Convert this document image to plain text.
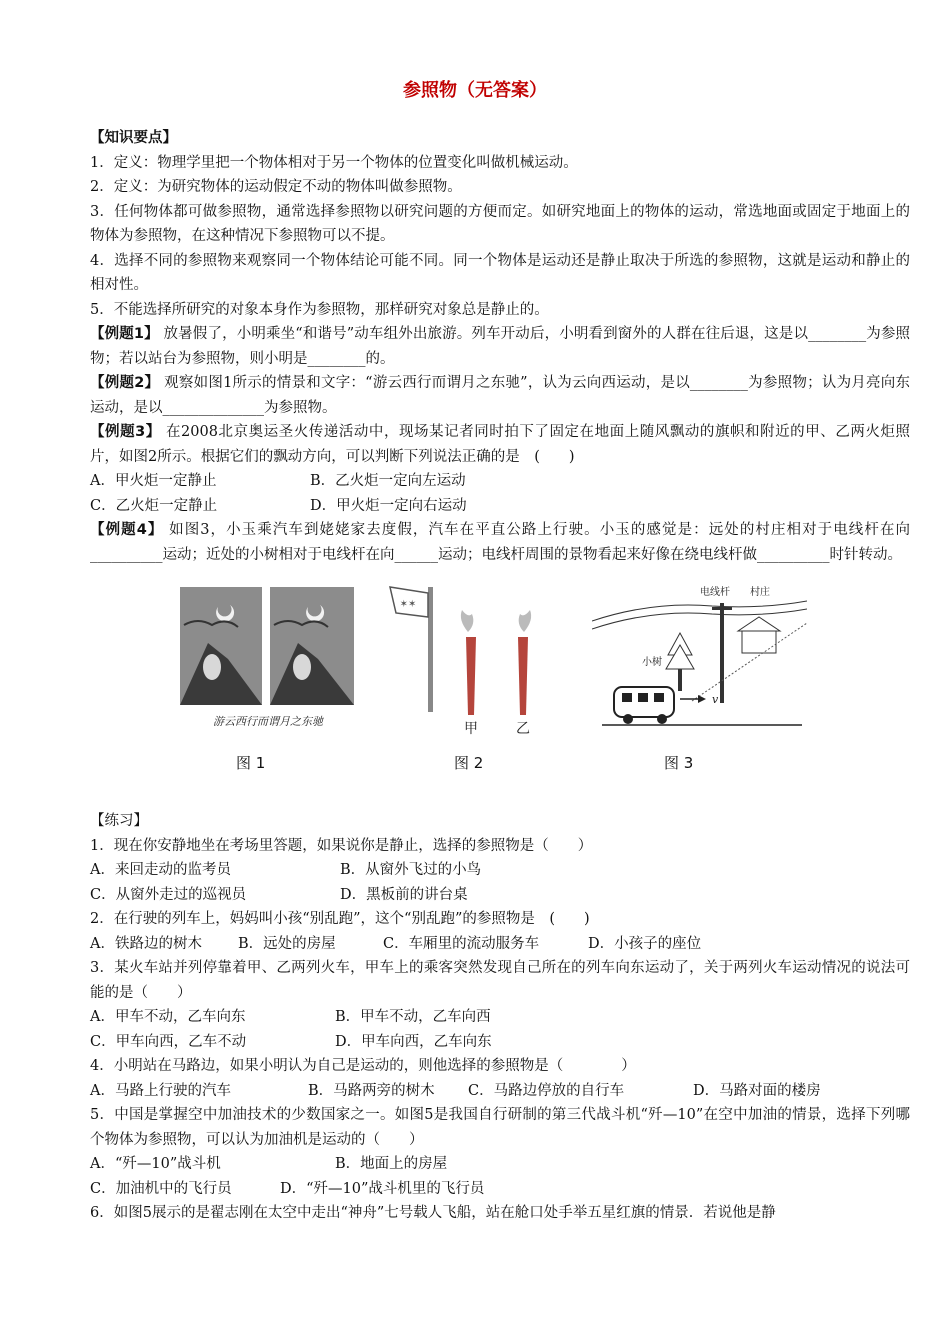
参照物（无答案）

【知识要点】

1．定义：物理学里把一个物体相对于另一个物体的位置变化叫做机械运动。

2．定义：为研究物体的运动假定不动的物体叫做参照物。

3．任何物体都可做参照物，通常选择参照物以研究问题的方便而定。如研究地面上的物体的运动，常选地面或固定于地面上的物体为参照物，在这种情况下参照物可以不提。

4．选择不同的参照物来观察同一个物体结论可能不同。同一个物体是运动还是静止取决于所选的参照物，这就是运动和静止的相对性。

5．不能选择所研究的对象本身作为参照物，那样研究对象总是静止的。

【例题1】 放暑假了，小明乘坐“和谐号”动车组外出旅游。列车开动后，小明看到窗外的人群在往后退，这是以________为参照物；若以站台为参照物，则小明是________的。

【例题2】 观察如图1所示的情景和文字：“游云西行而谓月之东驰”，认为云向西运动，是以________为参照物；认为月亮向东运动，是以______________为参照物。

【例题3】 在2008北京奥运圣火传递活动中，现场某记者同时拍下了固定在地面上随风飘动的旗帜和附近的甲、乙两火炬照片，如图2所示。根据它们的飘动方向，可以判断下列说法正确的是　(　　)

A．甲火炬一定静止	B．乙火炬一定向左运动
C．乙火炬一定静止	D．甲火炬一定向右运动

【例题4】 如图3，小玉乘汽车到姥姥家去度假，汽车在平直公路上行驶。小玉的感觉是：远处的村庄相对于电线杆在向__________运动；近处的小树相对于电线杆在向______运动；电线杆周围的景物看起来好像在绕电线杆做__________时针转动。

游云西行而谓月之东驰
图 1
✶✶
甲	乙
图 2
v
电线杆 村庄
小树
图 3

【练习】

1．现在你安静地坐在考场里答题，如果说你是静止，选择的参照物是（　　）

A．来回走动的监考员	B．从窗外飞过的小鸟
C．从窗外走过的巡视员	D．黑板前的讲台桌

2．在行驶的列车上，妈妈叫小孩“别乱跑”，这个“别乱跑”的参照物是　(　　)

A．铁路边的树木	B．远处的房屋	C．车厢里的流动服务车	D．小孩子的座位

3．某火车站并列停靠着甲、乙两列火车，甲车上的乘客突然发现自己所在的列车向东运动了，关于两列火车运动情况的说法可能的是（　　）

A．甲车不动，乙车向东	B．甲车不动，乙车向西
C．甲车向西，乙车不动	D．甲车向西，乙车向东

4．小明站在马路边，如果小明认为自己是运动的，则他选择的参照物是（　　　　）

A．马路上行驶的汽车	B．马路两旁的树木	C．马路边停放的自行车	D．马路对面的楼房

5．中国是掌握空中加油技术的少数国家之一。如图5是我国自行研制的第三代战斗机“歼—10”在空中加油的情景，选择下列哪个物体为参照物，可以认为加油机是运动的（　　）

A．“歼—10”战斗机	B．地面上的房屋
C．加油机中的飞行员	D．“歼—10”战斗机里的飞行员

6．如图5展示的是翟志刚在太空中走出“神舟”七号载人飞船，站在舱口处手举五星红旗的情景．若说他是静
